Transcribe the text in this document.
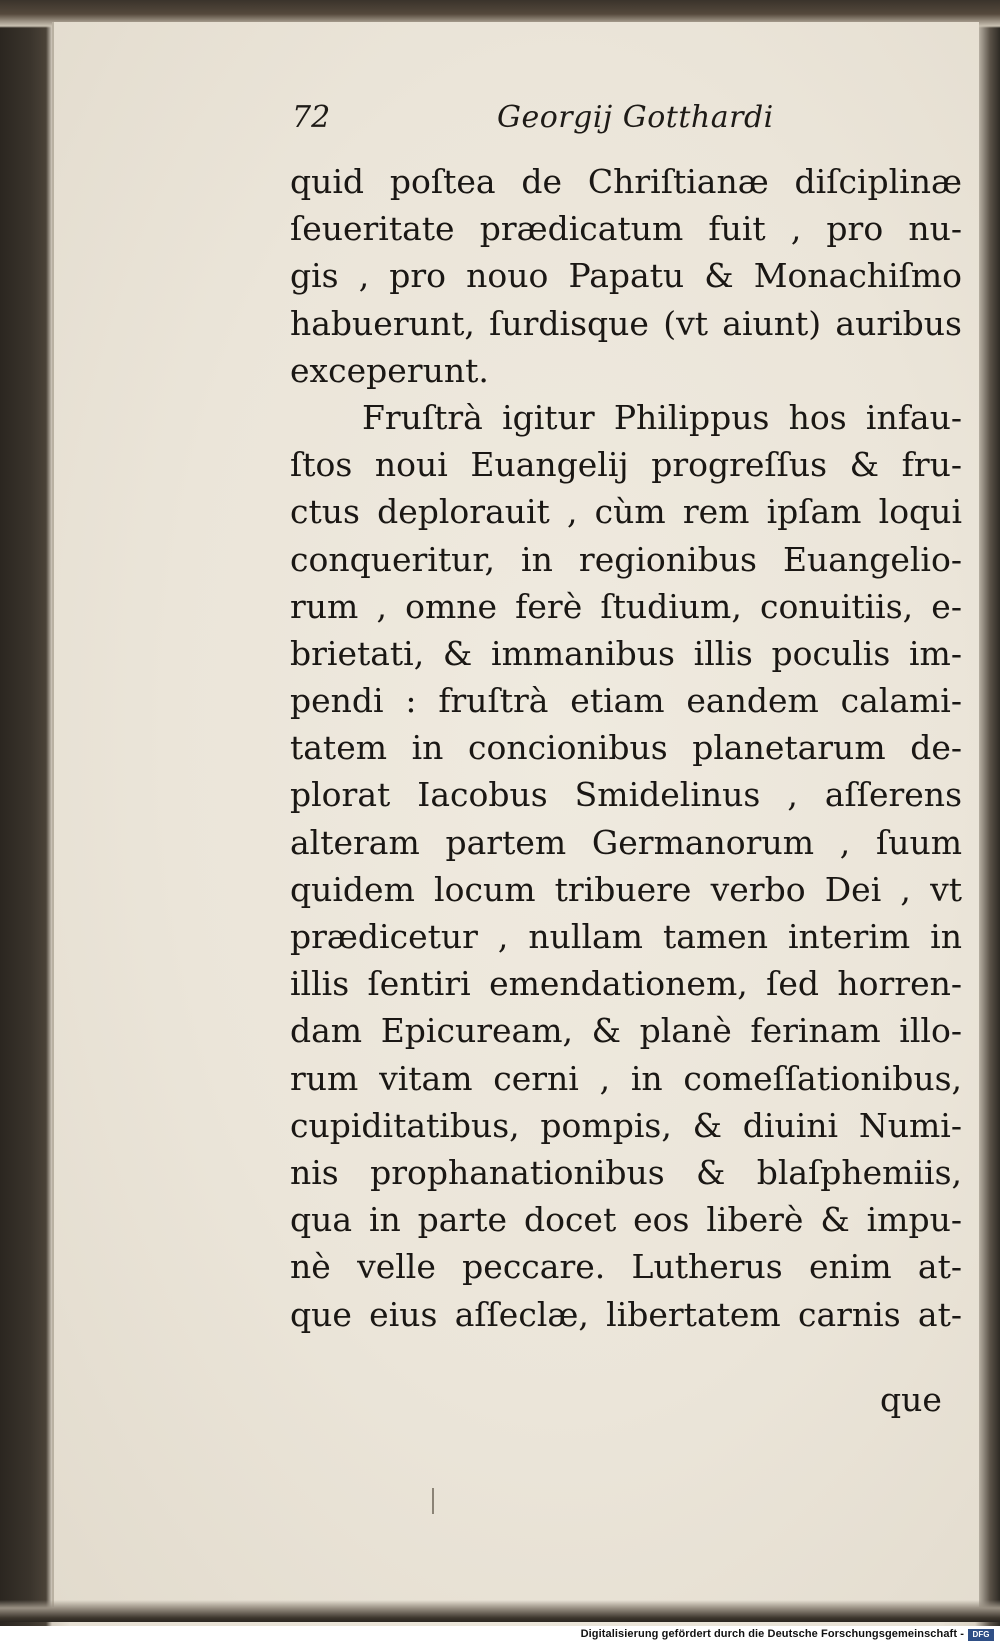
72	Georgij Gotthardi
quid poſtea de Chriſtianæ diſciplinæ
ſeueritate prædicatum fuit , pro nu-
gis , pro nouo Papatu & Monachiſmo
habuerunt, ſurdisque (vt aiunt) auribus
exceperunt.
Fruſtrà igitur Philippus hos infau-
ſtos noui Euangelij progreſſus & fru-
ctus deplorauit , cùm rem ipſam loqui
conqueritur, in regionibus Euangelio-
rum , omne ferè ſtudium, conuitiis, e-
brietati, & immanibus illis poculis im-
pendi : fruſtrà etiam eandem calami-
tatem in concionibus planetarum de-
plorat Iacobus Smidelinus , aſſerens
alteram partem Germanorum , ſuum
quidem locum tribuere verbo Dei , vt
prædicetur , nullam tamen interim in
illis ſentiri emendationem, ſed horren-
dam Epicuream, & planè ferinam illo-
rum vitam cerni , in comeſſationibus,
cupiditatibus, pompis, & diuini Numi-
nis prophanationibus & blaſphemiis,
qua in parte docet eos liberè & impu-
nè velle peccare. Lutherus enim at-
que eius aſſeclæ, libertatem carnis at-
que
Digitalisierung gefördert durch die Deutsche Forschungsgemeinschaft -	DFG
